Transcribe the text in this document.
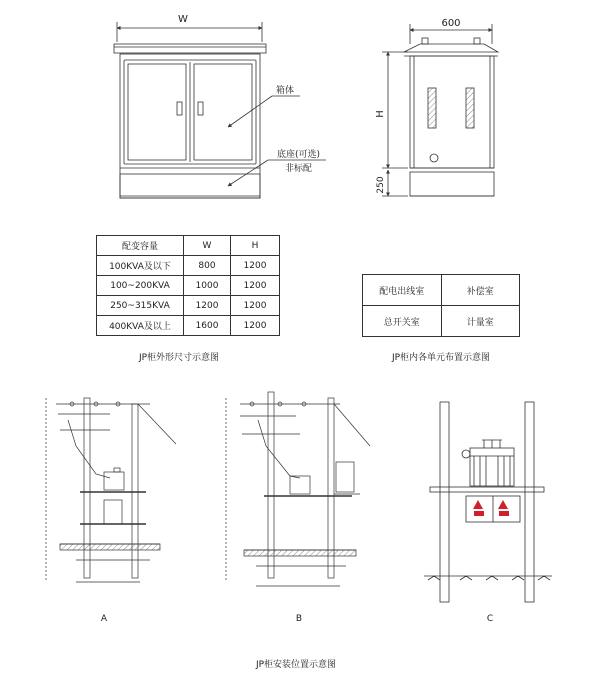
W
箱体
底座(可选)
非标配
600
H
250
A	B	C
JP柜外形尺寸示意图	JP柜内各单元布置示意图
JP柜安装位置示意图
配变容量	W	H
100KVA及以下	800	1200
100~200KVA	1000	1200
250~315KVA	1200	1200
400KVA及以上	1600	1200
配电出线室	补偿室
总开关室	计量室
